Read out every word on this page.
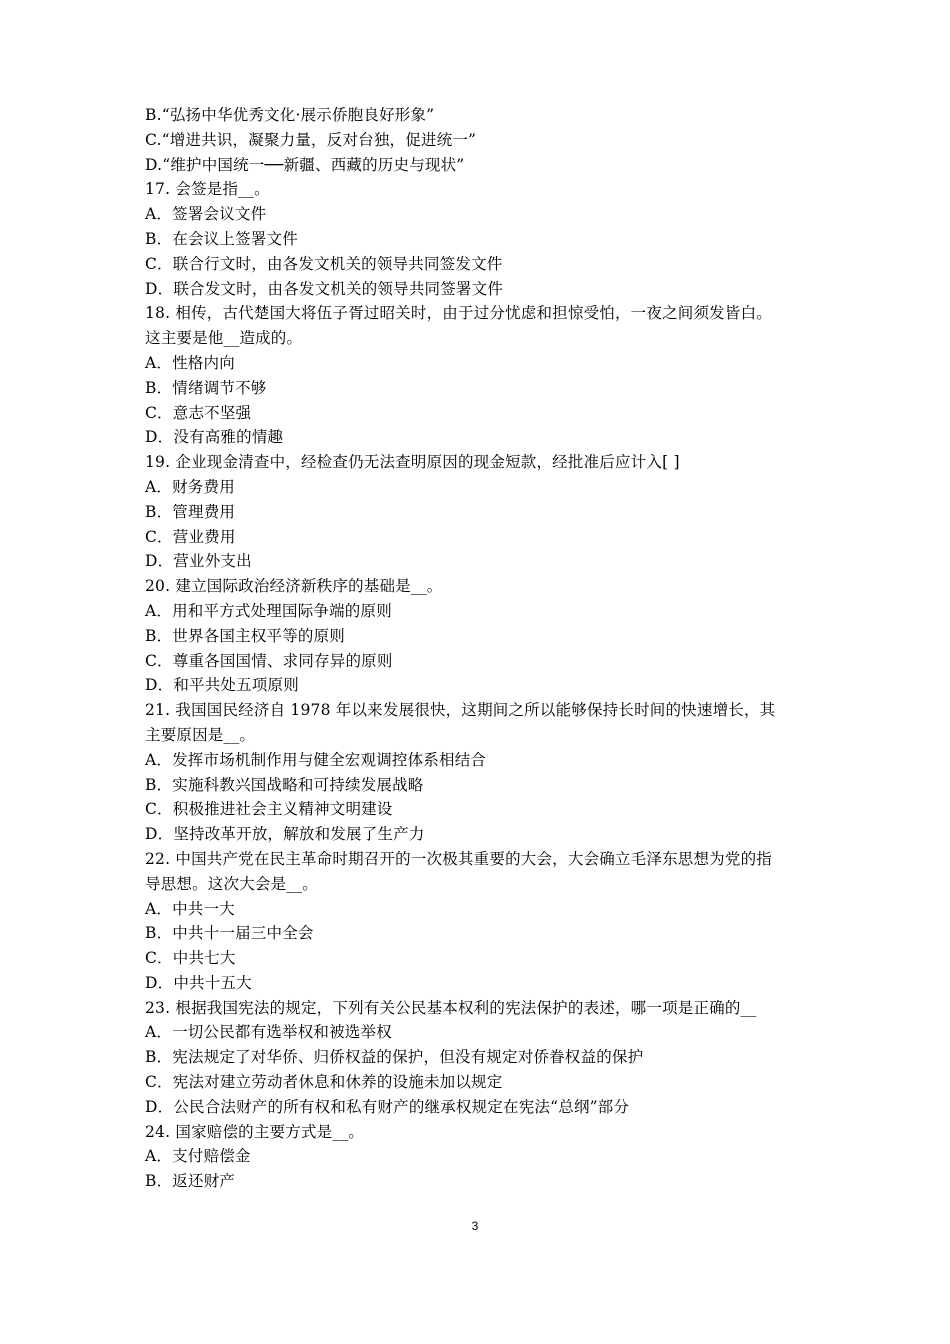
B.“弘扬中华优秀文化·展示侨胞良好形象”
C.“增进共识，凝聚力量，反对台独，促进统一”
D.“维护中国统一──新疆、西藏的历史与现状”
17. 会签是指__。
A．签署会议文件
B．在会议上签署文件
C．联合行文时，由各发文机关的领导共同签发文件
D．联合发文时，由各发文机关的领导共同签署文件
18. 相传，古代楚国大将伍子胥过昭关时，由于过分忧虑和担惊受怕，一夜之间须发皆白。
这主要是他__造成的。
A．性格内向
B．情绪调节不够
C．意志不坚强
D．没有高雅的情趣
19. 企业现金清查中，经检查仍无法查明原因的现金短款，经批准后应计入[ ]
A．财务费用
B．管理费用
C．营业费用
D．营业外支出
20. 建立国际政治经济新秩序的基础是__。
A．用和平方式处理国际争端的原则
B．世界各国主权平等的原则
C．尊重各国国情、求同存异的原则
D．和平共处五项原则
21. 我国国民经济自 1978 年以来发展很快，这期间之所以能够保持长时间的快速增长，其
主要原因是__。
A．发挥市场机制作用与健全宏观调控体系相结合
B．实施科教兴国战略和可持续发展战略
C．积极推进社会主义精神文明建设
D．坚持改革开放，解放和发展了生产力
22. 中国共产党在民主革命时期召开的一次极其重要的大会，大会确立毛泽东思想为党的指
导思想。这次大会是__。
A．中共一大
B．中共十一届三中全会
C．中共七大
D．中共十五大
23. 根据我国宪法的规定，下列有关公民基本权利的宪法保护的表述，哪一项是正确的__
A．一切公民都有选举权和被选举权
B．宪法规定了对华侨、归侨权益的保护，但没有规定对侨眷权益的保护
C．宪法对建立劳动者休息和休养的设施未加以规定
D．公民合法财产的所有权和私有财产的继承权规定在宪法“总纲”部分
24. 国家赔偿的主要方式是__。
A．支付赔偿金
B．返还财产
3
